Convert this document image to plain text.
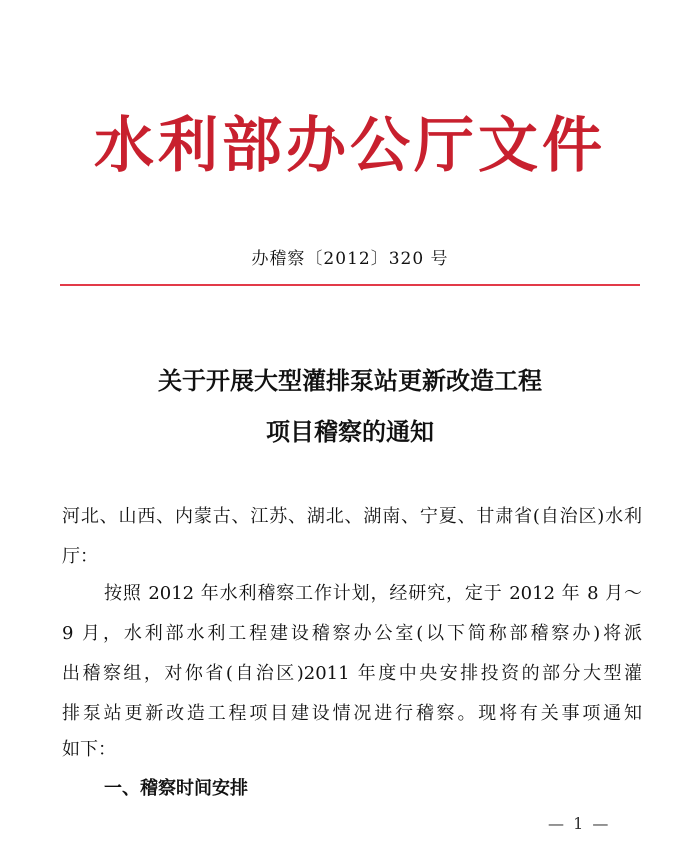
水利部办公厅文件
办稽察〔2012〕320 号
关于开展大型灌排泵站更新改造工程
项目稽察的通知
河北、山西、内蒙古、江苏、湖北、湖南、宁夏、甘肃省(自治区)水利
厅：
按照 2012 年水利稽察工作计划，经研究，定于 2012 年 8 月～
9 月，水利部水利工程建设稽察办公室(以下简称部稽察办)将派
出稽察组，对你省(自治区)2011 年度中央安排投资的部分大型灌
排泵站更新改造工程项目建设情况进行稽察。现将有关事项通知
如下：
一、稽察时间安排
— 1 —
